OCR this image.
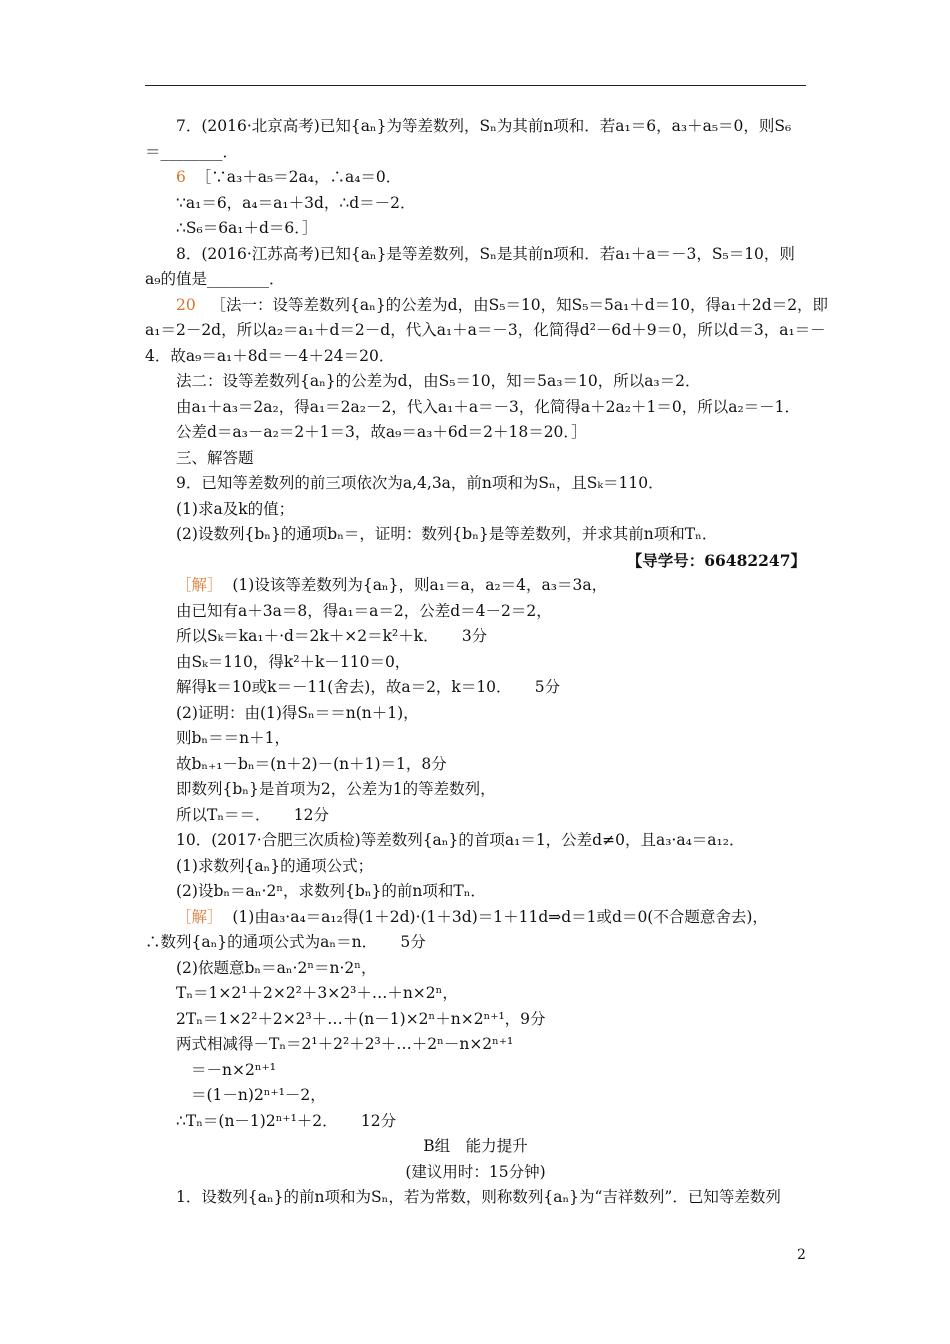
7．(2016·北京高考)已知{aₙ}为等差数列，Sₙ为其前n项和．若a₁＝6，a₃＋a₅＝0，则S₆
＝________．
6 ［∵a₃＋a₅＝2a₄，∴a₄＝0．
∵a₁＝6，a₄＝a₁＋3d，∴d＝－2．
∴S₆＝6a₁＋d＝6．］
8．(2016·江苏高考)已知{aₙ}是等差数列，Sₙ是其前n项和．若a₁＋a＝－3，S₅＝10，则
a₉的值是________．
20 ［法一：设等差数列{aₙ}的公差为d，由S₅＝10，知S₅＝5a₁＋d＝10，得a₁＋2d＝2，即
a₁＝2－2d，所以a₂＝a₁＋d＝2－d，代入a₁＋a＝－3，化简得d²－6d＋9＝0，所以d＝3，a₁＝－
4．故a₉＝a₁＋8d＝－4＋24＝20．
法二：设等差数列{aₙ}的公差为d，由S₅＝10，知＝5a₃＝10，所以a₃＝2．
由a₁＋a₃＝2a₂，得a₁＝2a₂－2，代入a₁＋a＝－3，化简得a＋2a₂＋1＝0，所以a₂＝－1．
公差d＝a₃－a₂＝2＋1＝3，故a₉＝a₃＋6d＝2＋18＝20．］
三、解答题
9．已知等差数列的前三项依次为a,4,3a，前n项和为Sₙ，且Sₖ＝110．
(1)求a及k的值；
(2)设数列{bₙ}的通项bₙ＝，证明：数列{bₙ}是等差数列，并求其前n项和Tₙ．
【导学号：66482247】
［解］ (1)设该等差数列为{aₙ}，则a₁＝a，a₂＝4，a₃＝3a，
由已知有a＋3a＝8，得a₁＝a＝2，公差d＝4－2＝2，
所以Sₖ＝ka₁＋·d＝2k＋×2＝k²＋k．　　3分
由Sₖ＝110，得k²＋k－110＝0，
解得k＝10或k＝－11(舍去)，故a＝2，k＝10．　　5分
(2)证明：由(1)得Sₙ＝＝n(n＋1)，
则bₙ＝＝n＋1，
故bₙ₊₁－bₙ＝(n＋2)－(n＋1)＝1，8分
即数列{bₙ}是首项为2，公差为1的等差数列，
所以Tₙ＝＝．　　12分
10．(2017·合肥三次质检)等差数列{aₙ}的首项a₁＝1，公差d≠0，且a₃·a₄＝a₁₂．
(1)求数列{aₙ}的通项公式；
(2)设bₙ＝aₙ·2ⁿ，求数列{bₙ}的前n项和Tₙ．
［解］ (1)由a₃·a₄＝a₁₂得(1＋2d)·(1＋3d)＝1＋11d⇒d＝1或d＝0(不合题意舍去)，
∴数列{aₙ}的通项公式为aₙ＝n．　　5分
(2)依题意bₙ＝aₙ·2ⁿ＝n·2ⁿ，
Tₙ＝1×2¹＋2×2²＋3×2³＋…＋n×2ⁿ，
2Tₙ＝1×2²＋2×2³＋…＋(n－1)×2ⁿ＋n×2ⁿ⁺¹，9分
两式相减得－Tₙ＝2¹＋2²＋2³＋…＋2ⁿ－n×2ⁿ⁺¹
＝－n×2ⁿ⁺¹
＝(1－n)2ⁿ⁺¹－2，
∴Tₙ＝(n－1)2ⁿ⁺¹＋2．　　12分
B组　能力提升
(建议用时：15分钟)
1．设数列{aₙ}的前n项和为Sₙ，若为常数，则称数列{aₙ}为“吉祥数列”．已知等差数列
2
